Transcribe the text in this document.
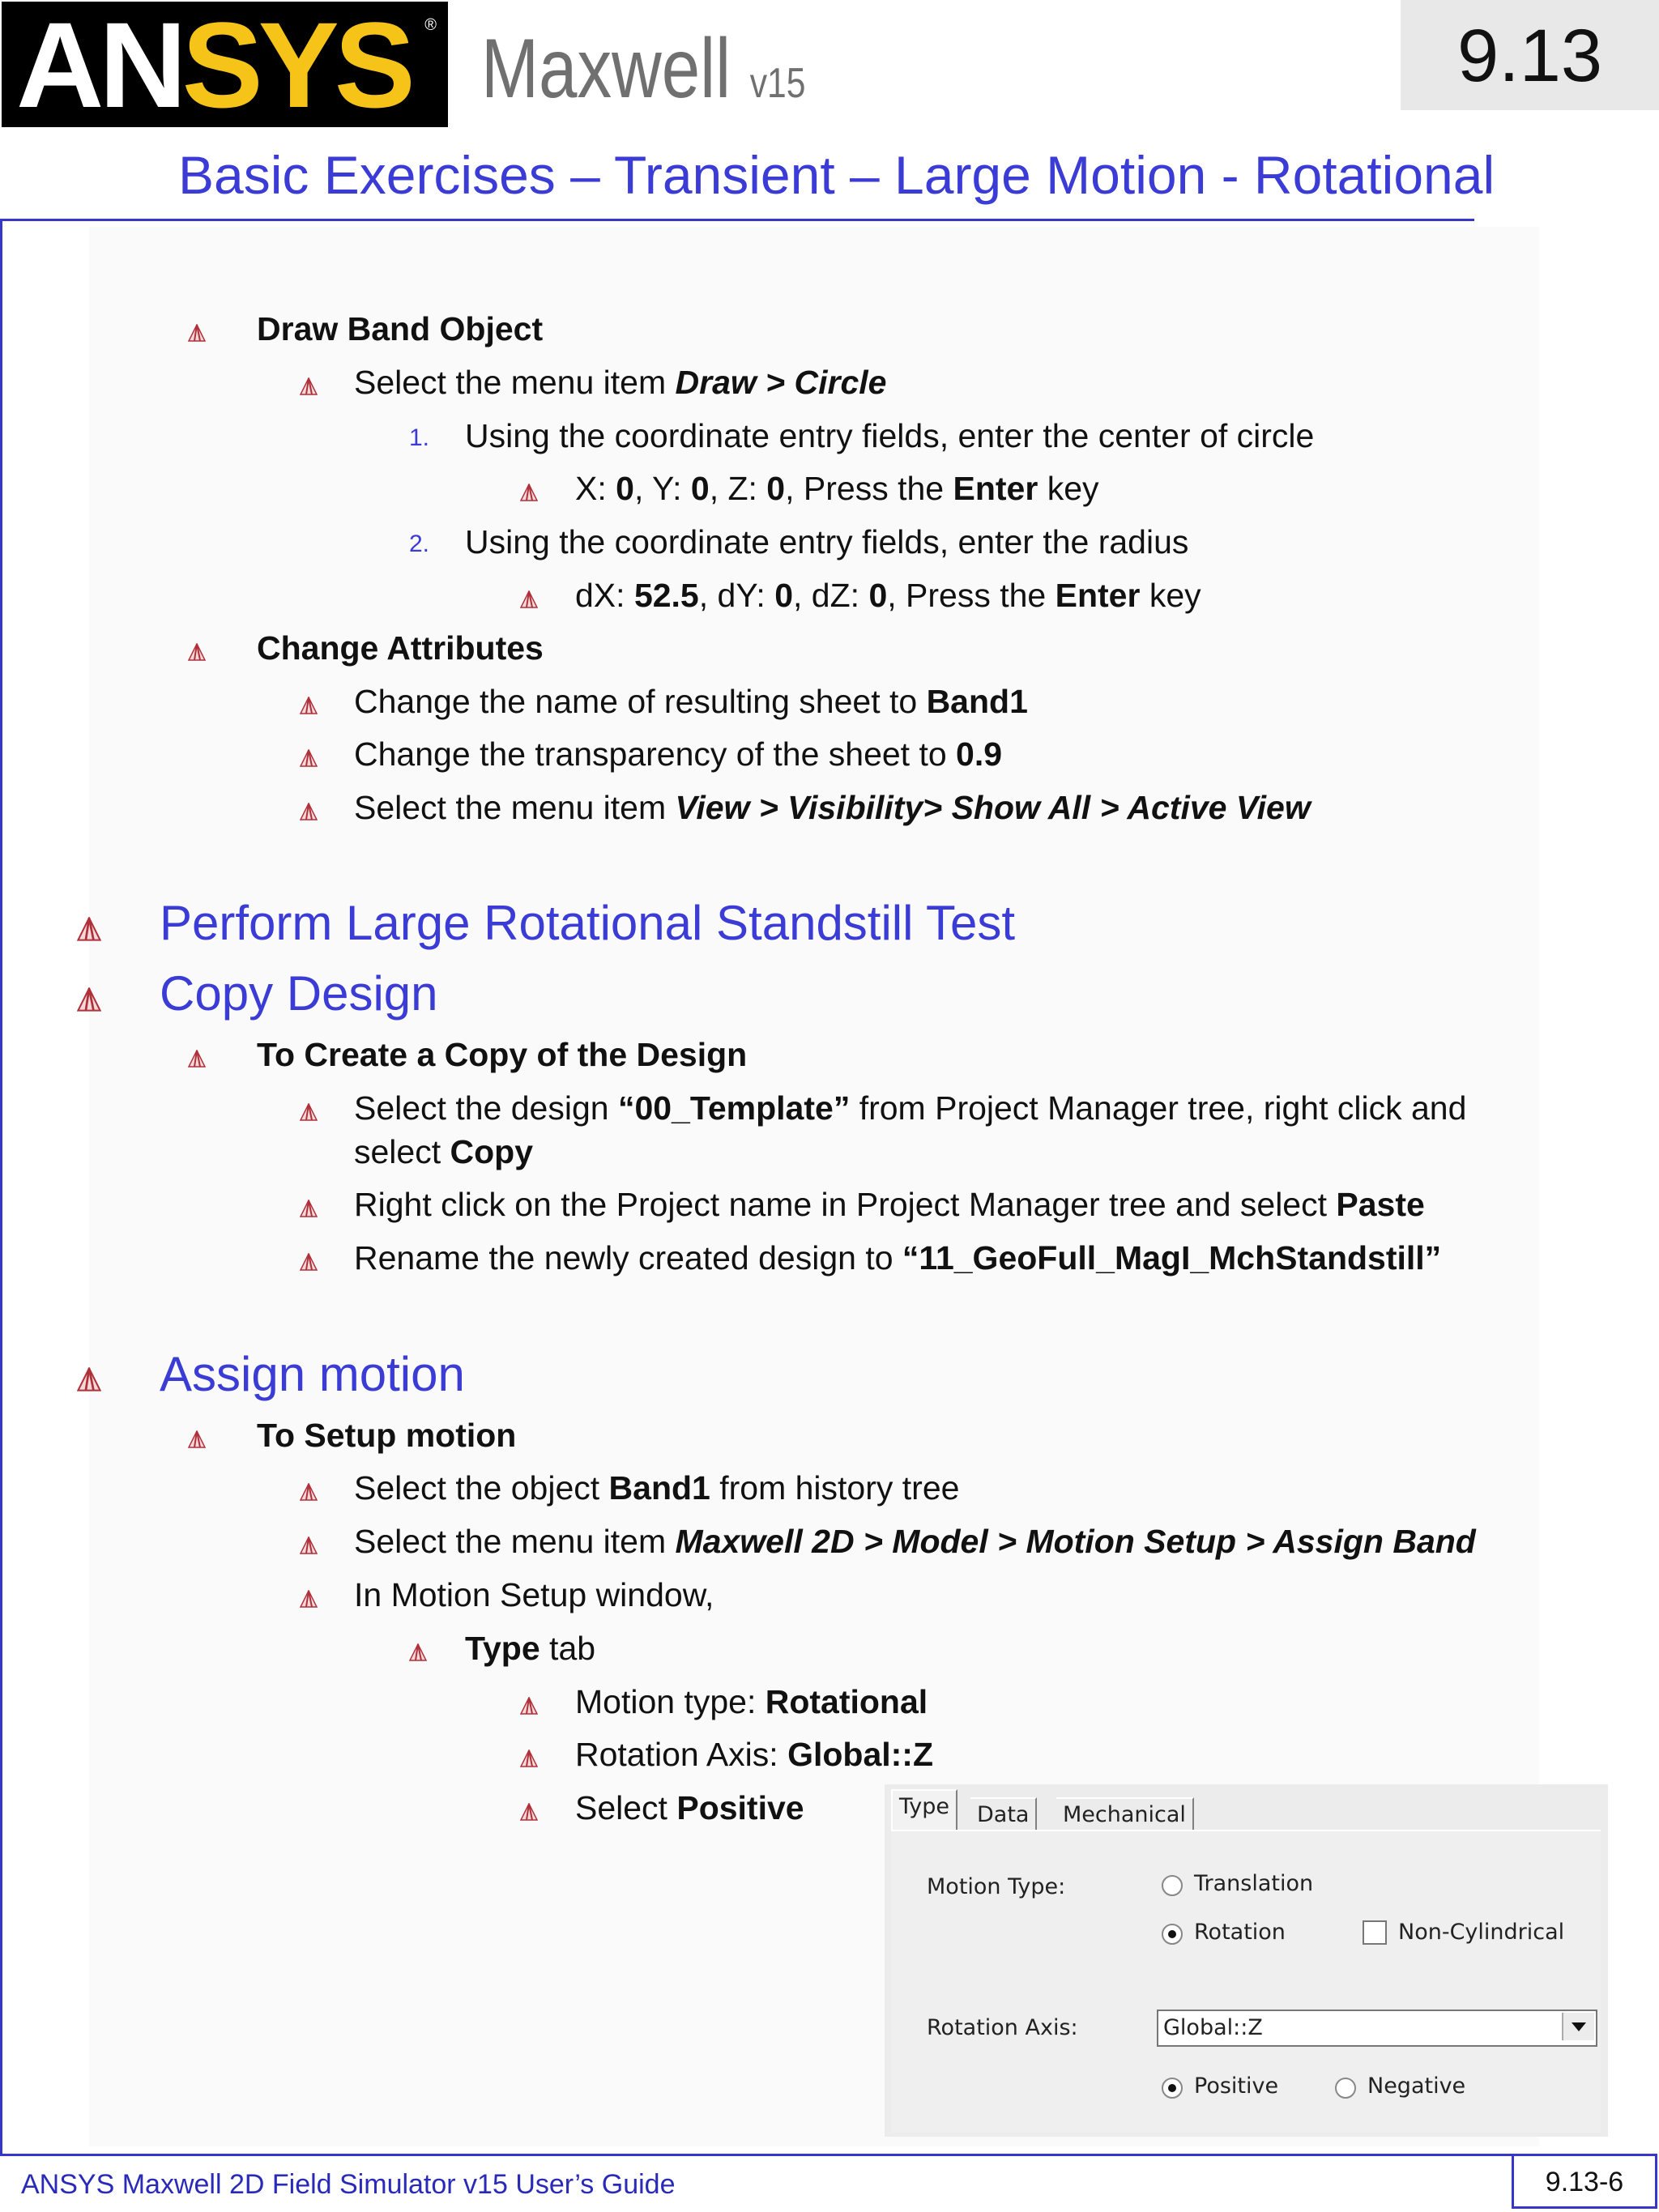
ANSYS ® Maxwell v15	9.13
Basic Exercises – Transient – Large Motion - Rotational
Draw Band Object
Select the menu item Draw > Circle
1. Using the coordinate entry fields, enter the center of circle
X: 0, Y: 0, Z: 0, Press the Enter key
2. Using the coordinate entry fields, enter the radius
dX: 52.5, dY: 0, dZ: 0, Press the Enter key
Change Attributes
Change the name of resulting sheet to Band1
Change the transparency of the sheet to 0.9
Select the menu item View > Visibility> Show All > Active View
Perform Large Rotational Standstill Test
Copy Design
To Create a Copy of the Design
Select the design “00_Template” from Project Manager tree, right click and
select Copy
Right click on the Project name in Project Manager tree and select Paste
Rename the newly created design to “11_GeoFull_MagI_MchStandstill”
Assign motion
To Setup motion
Select the object Band1 from history tree
Select the menu item Maxwell 2D > Model > Motion Setup > Assign Band
In Motion Setup window,
Type tab
Motion type: Rotational
Rotation Axis: Global::Z
Select Positive	Type	Data	Mechanical
Motion Type:	Translation
Rotation	Non-Cylindrical
Rotation Axis:	Global::Z
Positive	Negative
ANSYS Maxwell 2D Field Simulator v15 User’s Guide	9.13-6
